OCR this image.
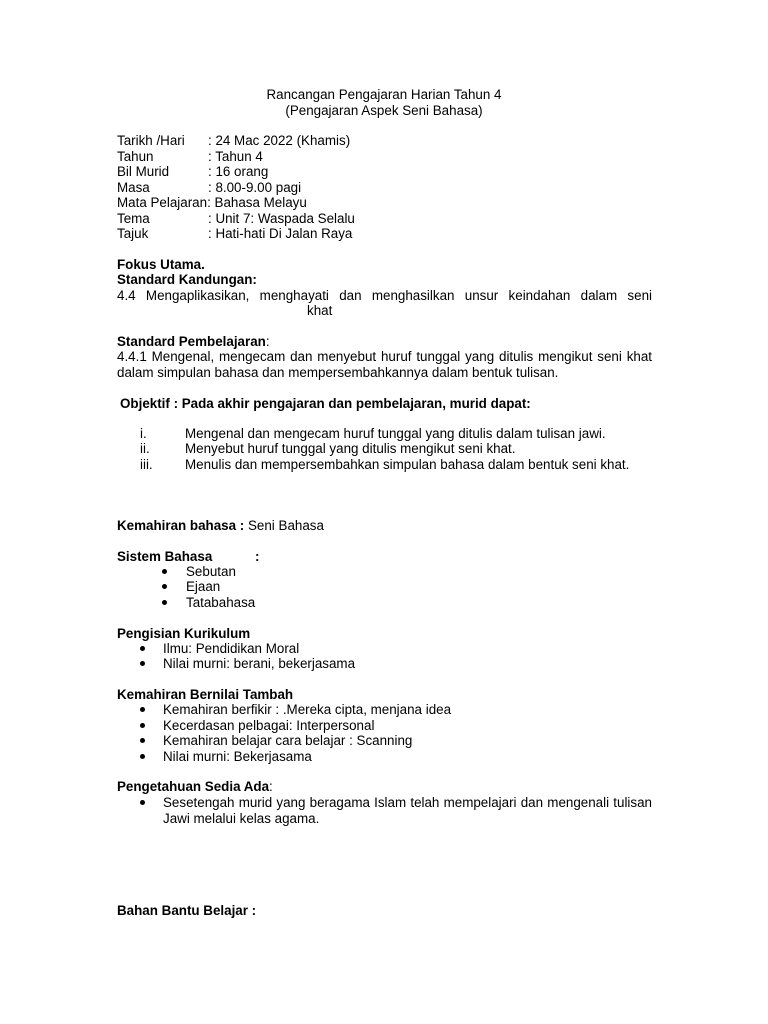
Rancangan Pengajaran Harian Tahun 4
(Pengajaran Aspek Seni Bahasa)
Tarikh /Hari : 24 Mac 2022 (Khamis)
Tahun	: Tahun 4
Bil Murid	: 16 orang
Masa	: 8.00-9.00 pagi
Mata Pelajaran: Bahasa Melayu
Tema	: Unit 7: Waspada Selalu
Tajuk	: Hati-hati Di Jalan Raya
Fokus Utama.
Standard Kandungan:
4.4 Mengaplikasikan, menghayati dan menghasilkan unsur keindahan dalam seni
khat
Standard Pembelajaran:
4.4.1 Mengenal, mengecam dan menyebut huruf tunggal yang ditulis mengikut seni khat dalam simpulan bahasa dan mempersembahkannya dalam bentuk tulisan.
Objektif : Pada akhir pengajaran dan pembelajaran, murid dapat:
i.	Mengenal dan mengecam huruf tunggal yang ditulis dalam tulisan jawi.
ii.	Menyebut huruf tunggal yang ditulis mengikut seni khat.
iii. Menulis dan mempersembahkan simpulan bahasa dalam bentuk seni khat.
Kemahiran bahasa : Seni Bahasa
Sistem Bahasa	:
Sebutan
Ejaan
Tatabahasa
Pengisian Kurikulum
Ilmu: Pendidikan Moral
Nilai murni: berani, bekerjasama
Kemahiran Bernilai Tambah
Kemahiran berfikir : .Mereka cipta, menjana idea
Kecerdasan pelbagai: Interpersonal
Kemahiran belajar cara belajar : Scanning
Nilai murni: Bekerjasama
Pengetahuan Sedia Ada:
Sesetengah murid yang beragama Islam telah mempelajari dan mengenali tulisan Jawi melalui kelas agama.
Bahan Bantu Belajar :
